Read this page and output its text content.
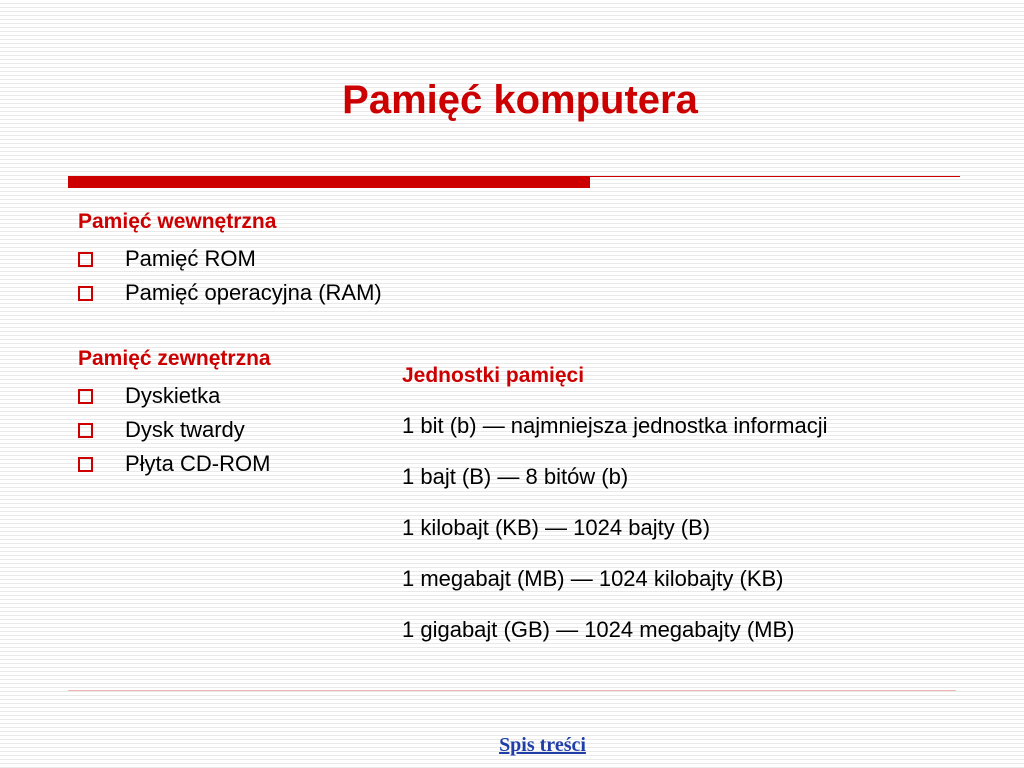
Pamięć komputera
Pamięć wewnętrzna
Pamięć ROM
Pamięć operacyjna (RAM)
Pamięć zewnętrzna
Dyskietka
Dysk twardy
Płyta CD-ROM
Jednostki pamięci
1 bit (b) — najmniejsza jednostka informacji
1 bajt (B) — 8 bitów (b)
1 kilobajt (KB) — 1024 bajty (B)
1 megabajt (MB) — 1024 kilobajty (KB)
1 gigabajt (GB) — 1024 megabajty (MB)
Spis treści
